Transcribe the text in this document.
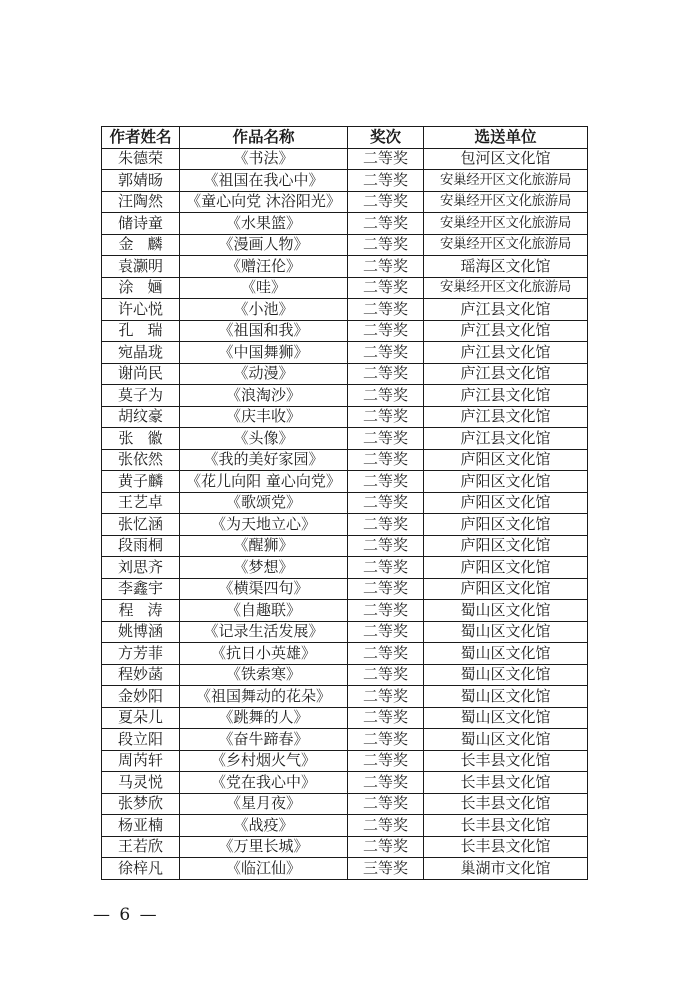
作者姓名	作品名称	奖次	选送单位
朱德荣	《书法》	二等奖	包河区文化馆
郭婧旸	《祖国在我心中》	二等奖	安巢经开区文化旅游局
汪陶然	《童心向党 沐浴阳光》	二等奖	安巢经开区文化旅游局
储诗童	《水果篮》	二等奖	安巢经开区文化旅游局
金麟	《漫画人物》	二等奖	安巢经开区文化旅游局
袁灏明	《赠汪伦》	二等奖	瑶海区文化馆
涂婳	《哇》	二等奖	安巢经开区文化旅游局
许心悦	《小池》	二等奖	庐江县文化馆
孔瑞	《祖国和我》	二等奖	庐江县文化馆
宛晶珑	《中国舞狮》	二等奖	庐江县文化馆
谢尚民	《动漫》	二等奖	庐江县文化馆
莫子为	《浪淘沙》	二等奖	庐江县文化馆
胡纹豪	《庆丰收》	二等奖	庐江县文化馆
张徽	《头像》	二等奖	庐江县文化馆
张依然	《我的美好家园》	二等奖	庐阳区文化馆
黄子麟	《花儿向阳 童心向党》	二等奖	庐阳区文化馆
王艺卓	《歌颂党》	二等奖	庐阳区文化馆
张忆涵	《为天地立心》	二等奖	庐阳区文化馆
段雨桐	《醒狮》	二等奖	庐阳区文化馆
刘思齐	《梦想》	二等奖	庐阳区文化馆
李鑫宇	《横渠四句》	二等奖	庐阳区文化馆
程涛	《自趣联》	二等奖	蜀山区文化馆
姚博涵	《记录生活发展》	二等奖	蜀山区文化馆
方芳菲	《抗日小英雄》	二等奖	蜀山区文化馆
程妙菡	《铁索寒》	二等奖	蜀山区文化馆
金妙阳	《祖国舞动的花朵》	二等奖	蜀山区文化馆
夏朵儿	《跳舞的人》	二等奖	蜀山区文化馆
段立阳	《奋牛蹄春》	二等奖	蜀山区文化馆
周芮轩	《乡村烟火气》	二等奖	长丰县文化馆
马灵悦	《党在我心中》	二等奖	长丰县文化馆
张梦欣	《星月夜》	二等奖	长丰县文化馆
杨亚楠	《战疫》	二等奖	长丰县文化馆
王若欣	《万里长城》	二等奖	长丰县文化馆
徐梓凡	《临江仙》	三等奖	巢湖市文化馆
— 6 —
